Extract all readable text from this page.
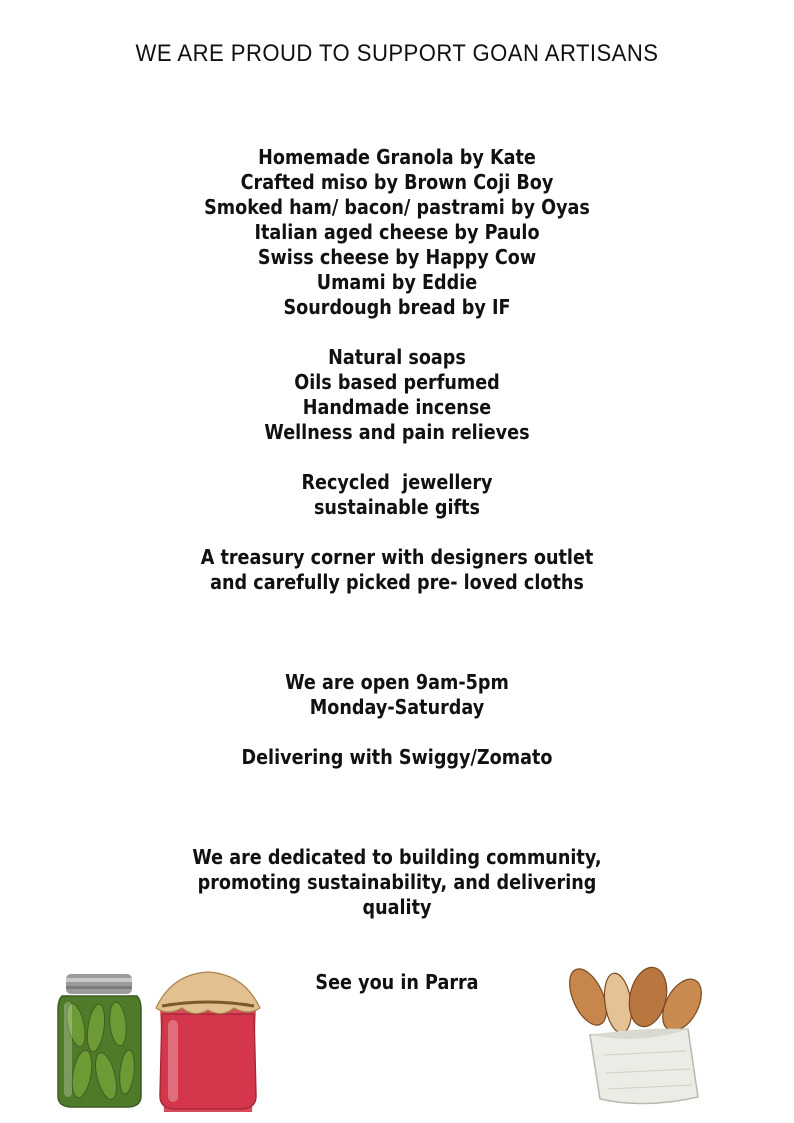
WE ARE PROUD TO SUPPORT GOAN ARTISANS
Homemade Granola by Kate
Crafted miso by Brown Coji Boy
Smoked ham/ bacon/ pastrami by Oyas
Italian aged cheese by Paulo
Swiss cheese by Happy Cow
Umami by Eddie
Sourdough bread by IF
Natural soaps
Oils based perfumed
Handmade incense
Wellness and pain relieves
Recycled  jewellery
sustainable gifts
A treasury corner with designers outlet
and carefully picked pre- loved cloths
We are open 9am-5pm
Monday-Saturday
Delivering with Swiggy/Zomato
We are dedicated to building community,
promoting sustainability, and delivering
quality
See you in Parra
